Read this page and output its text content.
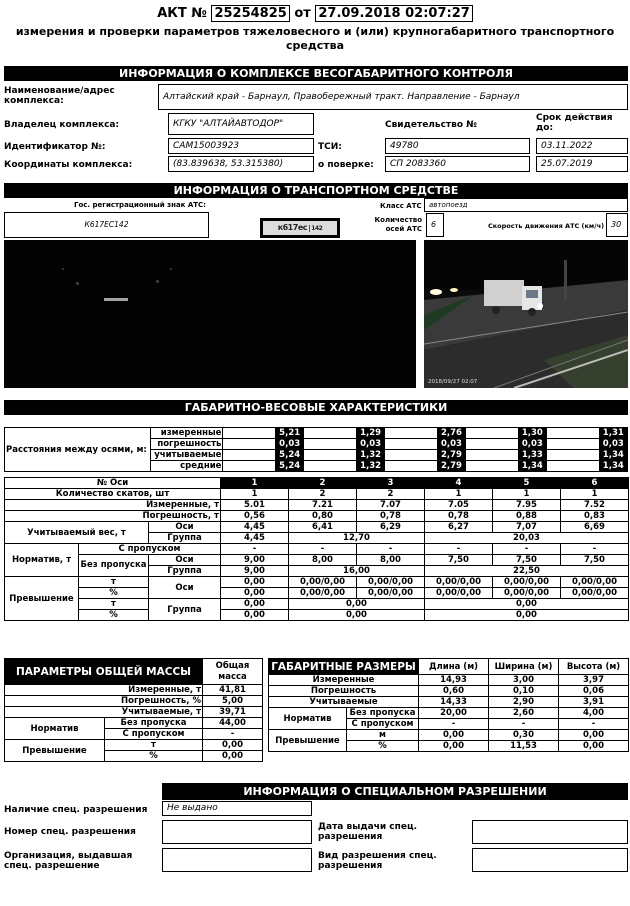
АКТ № 25254825 от 27.09.2018 02:07:27
измерения и проверки параметров тяжеловесного и (или) крупногабаритного транспортного
средства
ИНФОРМАЦИЯ О КОМПЛЕКСЕ ВЕСОГАБАРИТНОГО КОНТРОЛЯ
Наименование/адрес комплекса:	Алтайский край - Барнаул, Правобережный тракт. Направление - Барнаул
Владелец комплекса:	КГКУ "АЛТАЙАВТОДОР"	Свидетельство №
Срок действия до:
Идентификатор №:	CAM15003923	ТСИ:	49780	03.11.2022
Координаты комплекса:	(83.839638, 53.315380)	о поверке:	СП 2083360	25.07.2019
ИНФОРМАЦИЯ О ТРАНСПОРТНОМ СРЕДСТВЕ
Гос. регистрационный знак АТС:
К617ЕС142	к617ес 142
Класс АТС	автопоезд
Количество осей АТС	6	Скорость движения АТС (км/ч) 30
2018/09/27 02:07
ГАБАРИТНО-ВЕСОВЫЕ ХАРАКТЕРИСТИКИ
Расстояния между осями, м:	измеренные		5,21		1,29		2,76		1,30		1,31
	погрешность		0,03		0,03		0,03		0,03		0,03
	учитываемые		5,24		1,32		2,79		1,33		1,34
	средние		5,24		1,32		2,79		1,34		1,34
№ Оси			1	2	3	4	5	6
Количество скатов, шт			1	2	2	1	1	1
Измеренные, т			5.01	7.21	7.07	7.05	7.95	7.52
Погрешность, т			0,56	0,80	0,78	0,78	0,88	0,83
Учитываемый вес, т		Оси	4,45	6,41	6,29	6,27	7,07	6,69
		Группа	4,45	12,70		20,03		
Норматив, т	С пропуском		-	-	-	-	-	-
	Без пропуска	Оси	9,00	8,00	8,00	7,50	7,50	7,50
		Группа	9,00	16,00		22,50		
Превышение	т	Оси	0,00	0,00/0,00	0,00/0,00	0,00/0,00	0,00/0,00	0,00/0,00
	%		0,00	0,00/0,00	0,00/0,00	0,00/0,00	0,00/0,00	0,00/0,00
	т	Группа	0,00	0,00		0,00		
	%		0,00	0,00		0,00		
ПАРАМЕТРЫ ОБЩЕЙ МАССЫ		Общая масса
Измеренные, т		41,81
Погрешность, %		5,00
Учитываемые, т		39,71
Норматив	Без пропуска	44,00
	С пропуском	-
Превышение	т	0,00
	%	0,00
ГАБАРИТНЫЕ РАЗМЕРЫ		Длина (м)	Ширина (м)	Высота (м)
Измеренные		14,93	3,00	3,97
Погрешность		0,60	0,10	0,06
Учитываемые		14,33	2,90	3,91
Норматив	Без пропуска	20,00	2,60	4,00
	С пропуском	-	-	-
Превышение	м	0,00	0,30	0,00
	%	0,00	11,53	0,00
ИНФОРМАЦИЯ О СПЕЦИАЛЬНОМ РАЗРЕШЕНИИ
Наличие спец. разрешения	Не выдано
Номер спец. разрешения	Дата выдачи спец. разрешения
Организация, выдавшая спец. разрешение
Вид разрешения спец. разрешения
